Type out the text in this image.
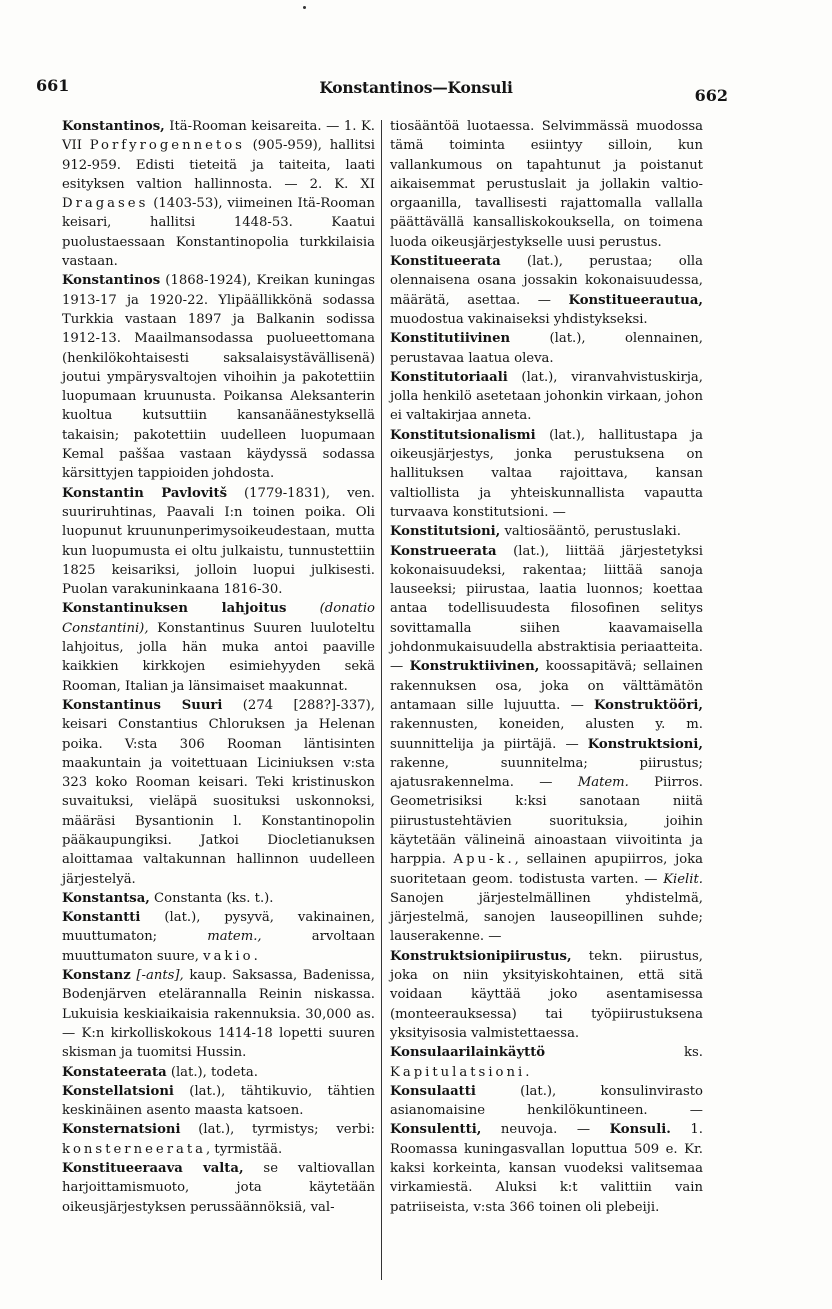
661	Konstantinos—Konsuli	662

Konstantinos, Itä-Rooman keisareita. — 1. K. VII Porfyrogennetos (905-959), hallitsi 912-959. Edisti tieteitä ja taiteita, laati esityksen valtion hallinnosta. — 2. K. XI Dragases (1403-53), viimeinen Itä-Rooman keisari, hallitsi 1448-53. Kaatui puolustaessaan Konstantinopolia turkkilaisia vastaan.

Konstantinos (1868-1924), Kreikan kuningas 1913-17 ja 1920-22. Ylipäällikkönä sodassa Turkkia vastaan 1897 ja Balkanin sodissa 1912-13. Maailmansodassa puolueettomana (henkilökohtaisesti saksalaisystävällisenä) joutui ympärysvaltojen vihoihin ja pakotettiin luopumaan kruunusta. Poikansa Aleksanterin kuoltua kutsuttiin kansanäänestyksellä takaisin; pakotettiin uudelleen luopumaan Kemal paššaa vastaan käydyssä sodassa kärsittyjen tappioiden johdosta.

Konstantin Pavlovitš (1779-1831), ven. suuriruhtinas, Paavali I:n toinen poika. Oli luopunut kruununperimysoikeudestaan, mutta kun luopumusta ei oltu julkaistu, tunnustettiin 1825 keisariksi, jolloin luopui julkisesti. Puolan varakuninkaana 1816-30.

Konstantinuksen lahjoitus (donatio Constantini), Konstantinus Suuren luuloteltu lahjoitus, jolla hän muka antoi paaville kaikkien kirkkojen esimiehyyden sekä Rooman, Italian ja länsimaiset maakunnat.

Konstantinus Suuri (274 [288?]-337), keisari Constantius Chloruksen ja Helenan poika. V:sta 306 Rooman läntisinten maakuntain ja voitettuaan Liciniuksen v:sta 323 koko Rooman keisari. Teki kristinuskon suvaituksi, vieläpä suosituksi uskonnoksi, määräsi Bysantionin l. Konstantinopolin pääkaupungiksi. Jatkoi Diocletianuksen aloittamaa valtakunnan hallinnon uudelleen järjestelyä.

Konstantsa, Constanta (ks. t.).

Konstantti (lat.), pysyvä, vakinainen, muuttumaton; matem., arvoltaan muuttumaton suure, vakio.

Konstanz [-ants], kaup. Saksassa, Badenissa, Bodenjärven etelärannalla Reinin niskassa. Lukuisia keskiaikaisia rakennuksia. 30,000 as. — K:n kirkolliskokous 1414-18 lopetti suuren skisman ja tuomitsi Hussin.

Konstateerata (lat.), todeta.

Konstellatsioni (lat.), tähtikuvio, tähtien keskinäinen asento maasta katsoen.

Konsternatsioni (lat.), tyrmistys; verbi: konsterneerata, tyrmistää.

Konstitueeraava valta, se valtiovallan harjoittamismuoto, jota käytetään oikeusjärjestyksen perussäännöksiä, val-

tiosääntöä luotaessa. Selvimmässä muodossa tämä toiminta esiintyy silloin, kun vallankumous on tapahtunut ja poistanut aikaisemmat perustuslait ja jollakin valtio-orgaanilla, tavallisesti rajattomalla vallalla päättävällä kansalliskokouksella, on toimena luoda oikeusjärjestykselle uusi perustus.

Konstitueerata (lat.), perustaa; olla olennaisena osana jossakin kokonaisuudessa, määrätä, asettaa. — Konstitueerautua, muodostua vakinaiseksi yhdistykseksi.

Konstitutiivinen (lat.), olennainen, perustavaa laatua oleva.

Konstitutoriaali (lat.), viranvahvistuskirja, jolla henkilö asetetaan johonkin virkaan, johon ei valtakirjaa anneta.

Konstitutsionalismi (lat.), hallitustapa ja oikeusjärjestys, jonka perustuksena on hallituksen valtaa rajoittava, kansan valtiollista ja yhteiskunnallista vapautta turvaava konstitutsioni. —

Konstitutsioni, valtiosääntö, perustuslaki.

Konstrueerata (lat.), liittää järjestetyksi kokonaisuudeksi, rakentaa; liittää sanoja lauseeksi; piirustaa, laatia luonnos; koettaa antaa todellisuudesta filosofinen selitys sovittamalla siihen kaavamaisella johdonmukaisuudella abstraktisia periaatteita. — Konstruktiivinen, koossapitävä; sellainen rakennuksen osa, joka on välttämätön antamaan sille lujuutta. — Konstruktööri, rakennusten, koneiden, alusten y. m. suunnittelija ja piirtäjä. — Konstruktsioni, rakenne, suunnitelma; piirustus; ajatusrakennelma. — Matem. Piirros. Geometrisiksi k:ksi sanotaan niitä piirustustehtävien suorituksia, joihin käytetään välineinä ainoastaan viivoitinta ja harppia. Apu-k., sellainen apupiirros, joka suoritetaan geom. todistusta varten. — Kielit. Sanojen järjestelmällinen yhdistelmä, järjestelmä, sanojen lauseopillinen suhde; lauserakenne. —

Konstruktsionipiirustus, tekn. piirustus, joka on niin yksityiskohtainen, että sitä voidaan käyttää joko asentamisessa (monteerauksessa) tai työpiirustuksena yksityisosia valmistettaessa.

Konsulaarilainkäyttö ks. Kapitulatsioni.

Konsulaatti (lat.), konsulinvirasto asianomaisine henkilökuntineen. — Konsulentti, neuvoja. — Konsuli. 1. Roomassa kuningasvallan loputtua 509 e. Kr. kaksi korkeinta, kansan vuodeksi valitsemaa virkamiestä. Aluksi k:t valittiin vain patriiseista, v:sta 366 toinen oli plebeiji.
